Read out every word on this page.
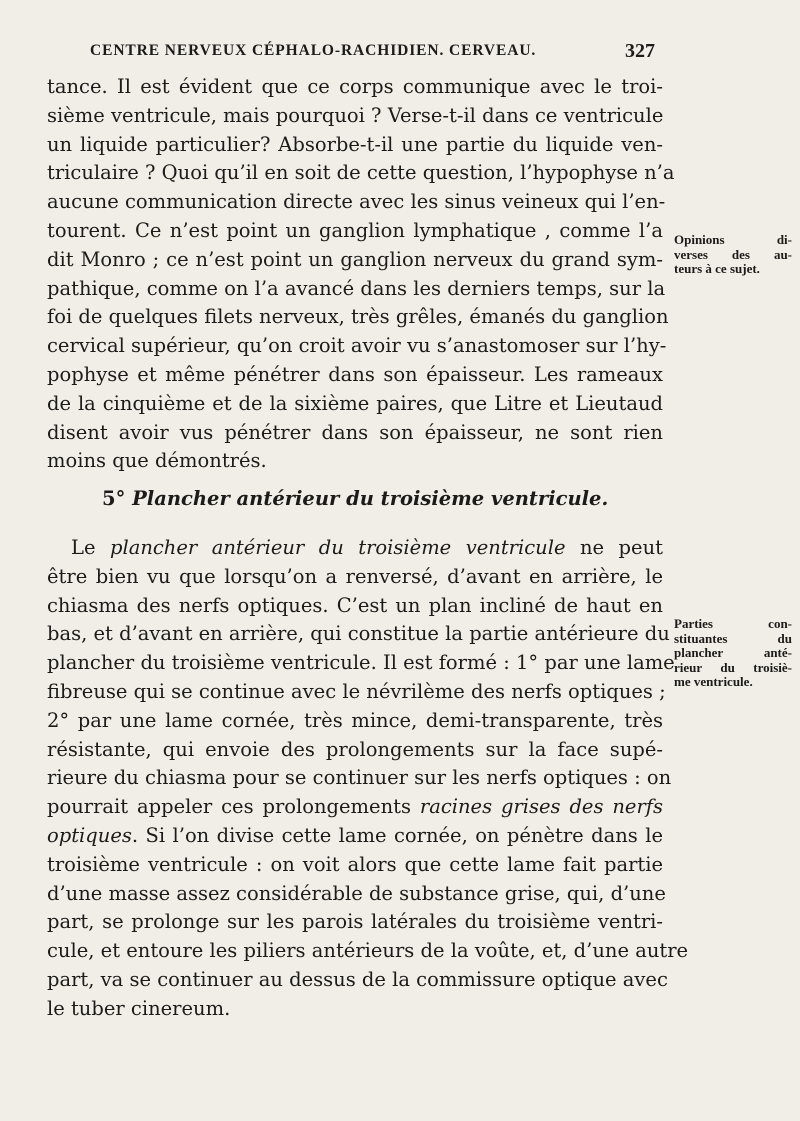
CENTRE NERVEUX CÉPHALO-RACHIDIEN. CERVEAU.	327
tance. Il est évident que ce corps communique avec le troi-
sième ventricule, mais pourquoi ? Verse-t-il dans ce ventricule
un liquide particulier? Absorbe-t-il une partie du liquide ven-
triculaire ? Quoi qu’il en soit de cette question, l’hypophyse n’a
aucune communication directe avec les sinus veineux qui l’en-
tourent. Ce n’est point un ganglion lymphatique , comme l’a
dit Monro ; ce n’est point un ganglion nerveux du grand sym-
pathique, comme on l’a avancé dans les derniers temps, sur la
foi de quelques filets nerveux, très grêles, émanés du ganglion
cervical supérieur, qu’on croit avoir vu s’anastomoser sur l’hy-
pophyse et même pénétrer dans son épaisseur. Les rameaux
de la cinquième et de la sixième paires, que Litre et Lieutaud
disent avoir vus pénétrer dans son épaisseur, ne sont rien
moins que démontrés.
5° Plancher antérieur du troisième ventricule.
Le plancher antérieur du troisième ventricule ne peut
être bien vu que lorsqu’on a renversé, d’avant en arrière, le
chiasma des nerfs optiques. C’est un plan incliné de haut en
bas, et d’avant en arrière, qui constitue la partie antérieure du
plancher du troisième ventricule. Il est formé : 1° par une lame
fibreuse qui se continue avec le névrilème des nerfs optiques ;
2° par une lame cornée, très mince, demi-transparente, très
résistante, qui envoie des prolongements sur la face supé-
rieure du chiasma pour se continuer sur les nerfs optiques : on
pourrait appeler ces prolongements racines grises des nerfs
optiques. Si l’on divise cette lame cornée, on pénètre dans le
troisième ventricule : on voit alors que cette lame fait partie
d’une masse assez considérable de substance grise, qui, d’une
part, se prolonge sur les parois latérales du troisième ventri-
cule, et entoure les piliers antérieurs de la voûte, et, d’une autre
part, va se continuer au dessus de la commissure optique avec
le tuber cinereum.
Opinions di-
verses des au-
teurs à ce sujet.
Parties con-
stituantes du
plancher anté-
rieur du troisiè-
me ventricule.
